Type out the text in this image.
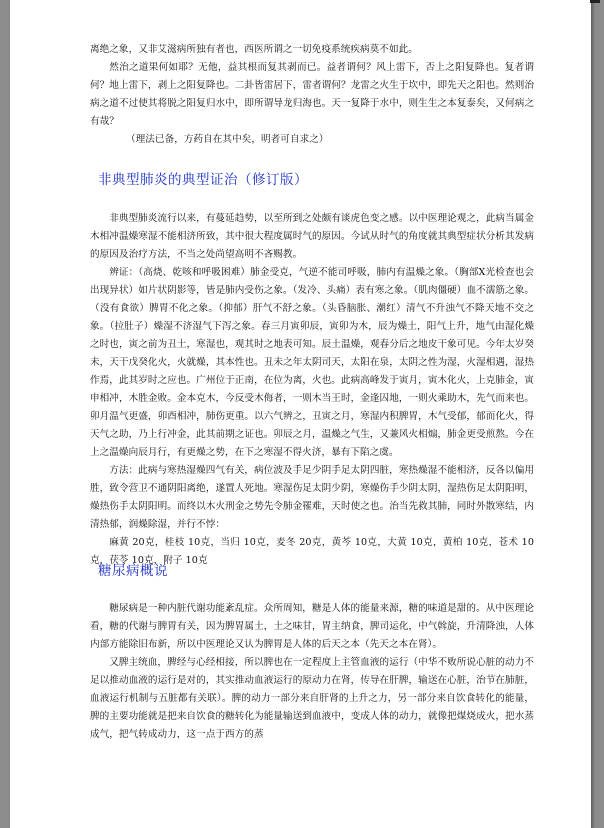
离绝之象，又非艾滋病所独有者也，西医所谓之一切免疫系统疾病莫不如此。

然治之道果何如耶？无他，益其根而复其剥而已。益者谓何？风上雷下，否上之阳复降也。复者谓何？地上雷下，剥上之阳复降也。二卦皆雷居下，雷者谓何？龙雷之火生于坎中，即先天之阳也。然则治病之道不过使其将脱之阳复归水中，即所谓导龙归海也。天一复降于水中，则生生之本复泰矣，又何病之有哉？

（理法已备，方药自在其中矣，明者可自求之）

非典型肺炎的典型证治（修订版）

非典型肺炎流行以来，有蔓延趋势，以至所到之处颇有谈虎色变之感。以中医理论观之，此病当属金木相冲温燥寒湿不能相济所致，其中很大程度属时气的原因。今试从时气的角度就其典型症状分析其发病的原因及治疗方法，不当之处尚望高明不吝赐教。

辨证：（高烧、乾咳和呼吸困难）肺金受克，气逆不能司呼吸，肺内有温燥之象。（胸部X光检查也会出现异状）如片状阴影等，皆是肺内受伤之象。（发冷、头痛）表有寒之象。（肌肉僵硬）血不濡筋之象。（没有食欲）脾胃不化之象。（抑郁）肝气不舒之象。（头昏脑胀、潮红）清气不升浊气不降天地不交之象。（拉肚子）燥湿不济湿气下泻之象。春三月寅卯辰，寅卯为木，辰为燥土，阳气上升，地气由湿化燥之时也，寅之前为丑土，寒湿也，观其时之地表可知。辰土温燥，观春分后之地皮干象可见。今年太岁癸未，天干戊癸化火，火就燥，其本性也。丑未之年太阴司天，太阳在泉，太阴之性为湿，火湿相遇，湿热作焉，此其岁时之应也。广州位于正南，在位为离，火也。此病高峰发于寅月，寅木化火，上克肺金，寅申相冲，木胜金败。金本克木，今反受木侮者，一则木当王时，金逢囚地，一则火乘助木，先气而来也。卯月温气更盛，卯酉相冲，肺伤更重。以六气辨之，丑寅之月，寒湿内积脾胃，木气受郁，郁而化火，得天气之助，乃上行冲金，此其前期之证也。卯辰之月，温燥之气生，又兼风火相煽，肺金更受煎熬。今在上之温燥向辰月行，有更燥之势，在下之寒湿不得火济，暴有下陷之虞。

方法：此病与寒热湿燥四气有关，病位波及手足少阴手足太阴四脏，寒热燥湿不能相济，反各以偏用胜，致令营卫不通阴阳离绝，遂置人死地。寒湿伤足太阴少阴，寒燥伤手少阴太阴，湿热伤足太阴阳明，燥热伤手太阴阳明。而终以木火刑金之势先令肺金罹难，天时使之也。治当先救其肺，同时外散寒结，内清热郁，润燥除湿，并行不悖：

麻黄 20克，桂枝 10克，当归 10克，麦冬 20克，黄芩 10克，大黄 10克，黄柏 10克，苍术 10克，茯苓 10克，附子 10克

糖尿病概说

糖尿病是一种内脏代谢功能紊乱症。众所周知，糖是人体的能量来源，糖的味道是甜的。从中医理论看，糖的代谢与脾胃有关，因为脾胃属土，土之味甘，胃主纳食，脾司运化，中气斡旋，升清降浊，人体内部方能除旧布新，所以中医理论又认为脾胃是人体的后天之本（先天之本在肾）。

又脾主统血，脾经与心经相接，所以脾也在一定程度上主管血液的运行（中华不败所说心脏的动力不足以推动血液的运行是对的，其实推动血液运行的原动力在肾，传导在肝脾，输送在心脏，治节在肺脏，血液运行机制与五脏都有关联）。脾的动力一部分来自肝肾的上升之力，另一部分来自饮食转化的能量，脾的主要功能就是把来自饮食的糖转化为能量输送到血液中，变成人体的动力，就像把煤烧成火，把水蒸成气，把气转成动力，这一点于西方的蒸
